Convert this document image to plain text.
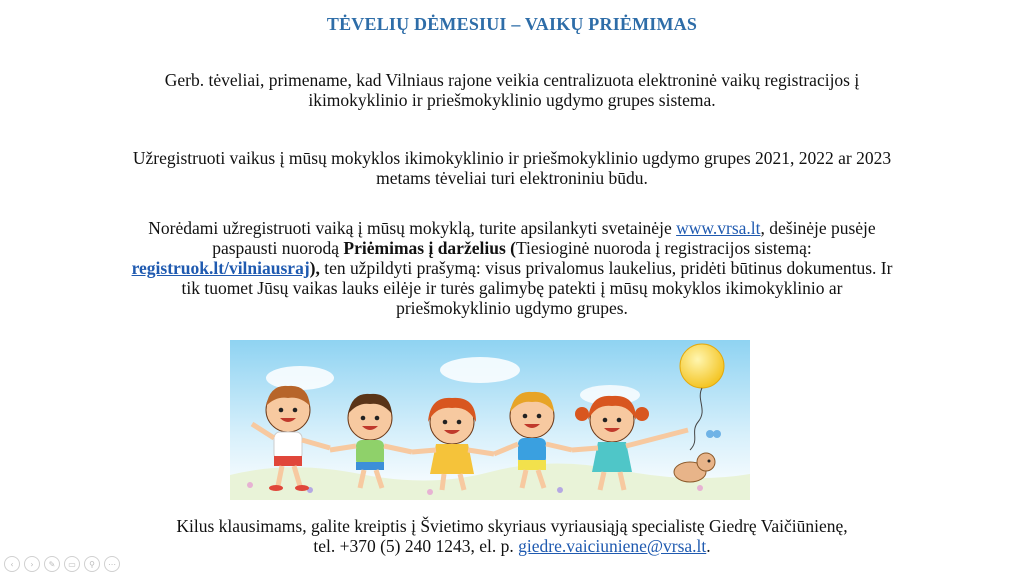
TĖVELIŲ DĖMESIUI – VAIKŲ PRIĖMIMAS
Gerb. tėveliai, primename, kad Vilniaus rajone veikia centralizuota elektroninė vaikų registracijos į
ikimokyklinio ir priešmokyklinio ugdymo grupes sistema.
Užregistruoti vaikus į mūsų mokyklos ikimokyklinio ir priešmokyklinio ugdymo grupes 2021, 2022 ar 2023
metams tėveliai turi elektroniniu būdu.
Norėdami užregistruoti vaiką į mūsų mokyklą, turite apsilankyti svetainėje www.vrsa.lt, dešinėje pusėje
paspausti nuorodą Priėmimas į darželius (Tiesioginė nuoroda į registracijos sistemą:
registruok.lt/vilniausraj), ten užpildyti prašymą: visus privalomus laukelius, pridėti būtinus dokumentus. Ir
tik tuomet Jūsų vaikas lauks eilėje ir turės galimybę patekti į mūsų mokyklos ikimokyklinio ar
priešmokyklinio ugdymo grupes.
Kilus klausimams, galite kreiptis į Švietimo skyriaus vyriausiąją specialistę Giedrę Vaičiūnienę,
tel. +370 (5) 240 1243, el. p. giedre.vaiciuniene@vrsa.lt.
‹	›	✎	▭	⚲	⋯
